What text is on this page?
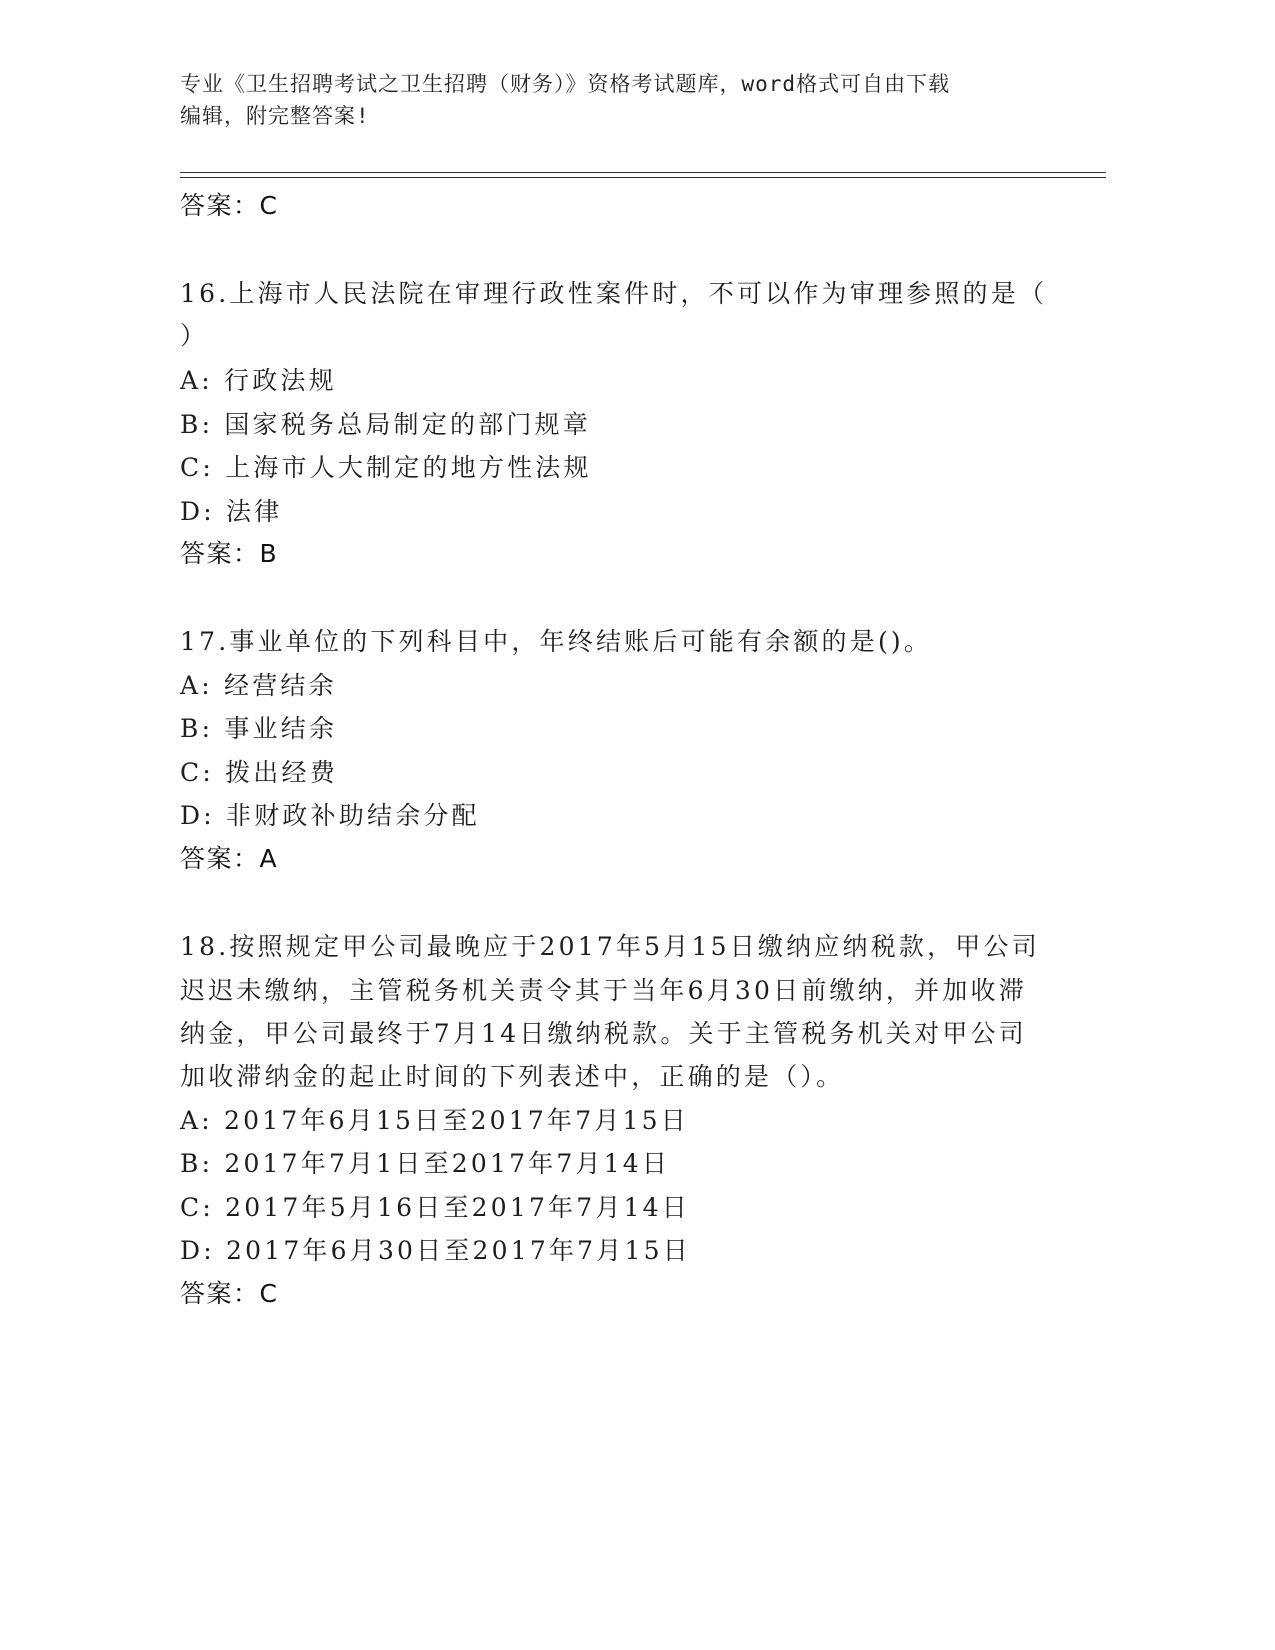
专业《卫生招聘考试之卫生招聘（财务）》资格考试题库，word格式可自由下载
编辑，附完整答案!
答案：C
16.上海市人民法院在审理行政性案件时，不可以作为审理参照的是（
）
A: 行政法规
B: 国家税务总局制定的部门规章
C: 上海市人大制定的地方性法规
D: 法律
答案：B
17.事业单位的下列科目中，年终结账后可能有余额的是()。
A: 经营结余
B: 事业结余
C: 拨出经费
D: 非财政补助结余分配
答案：A
18.按照规定甲公司最晚应于2017年5月15日缴纳应纳税款，甲公司
迟迟未缴纳，主管税务机关责令其于当年6月30日前缴纳，并加收滞
纳金，甲公司最终于7月14日缴纳税款。关于主管税务机关对甲公司
加收滞纳金的起止时间的下列表述中，正确的是（）。
A: 2017年6月15日至2017年7月15日
B: 2017年7月1日至2017年7月14日
C: 2017年5月16日至2017年7月14日
D: 2017年6月30日至2017年7月15日
答案：C
